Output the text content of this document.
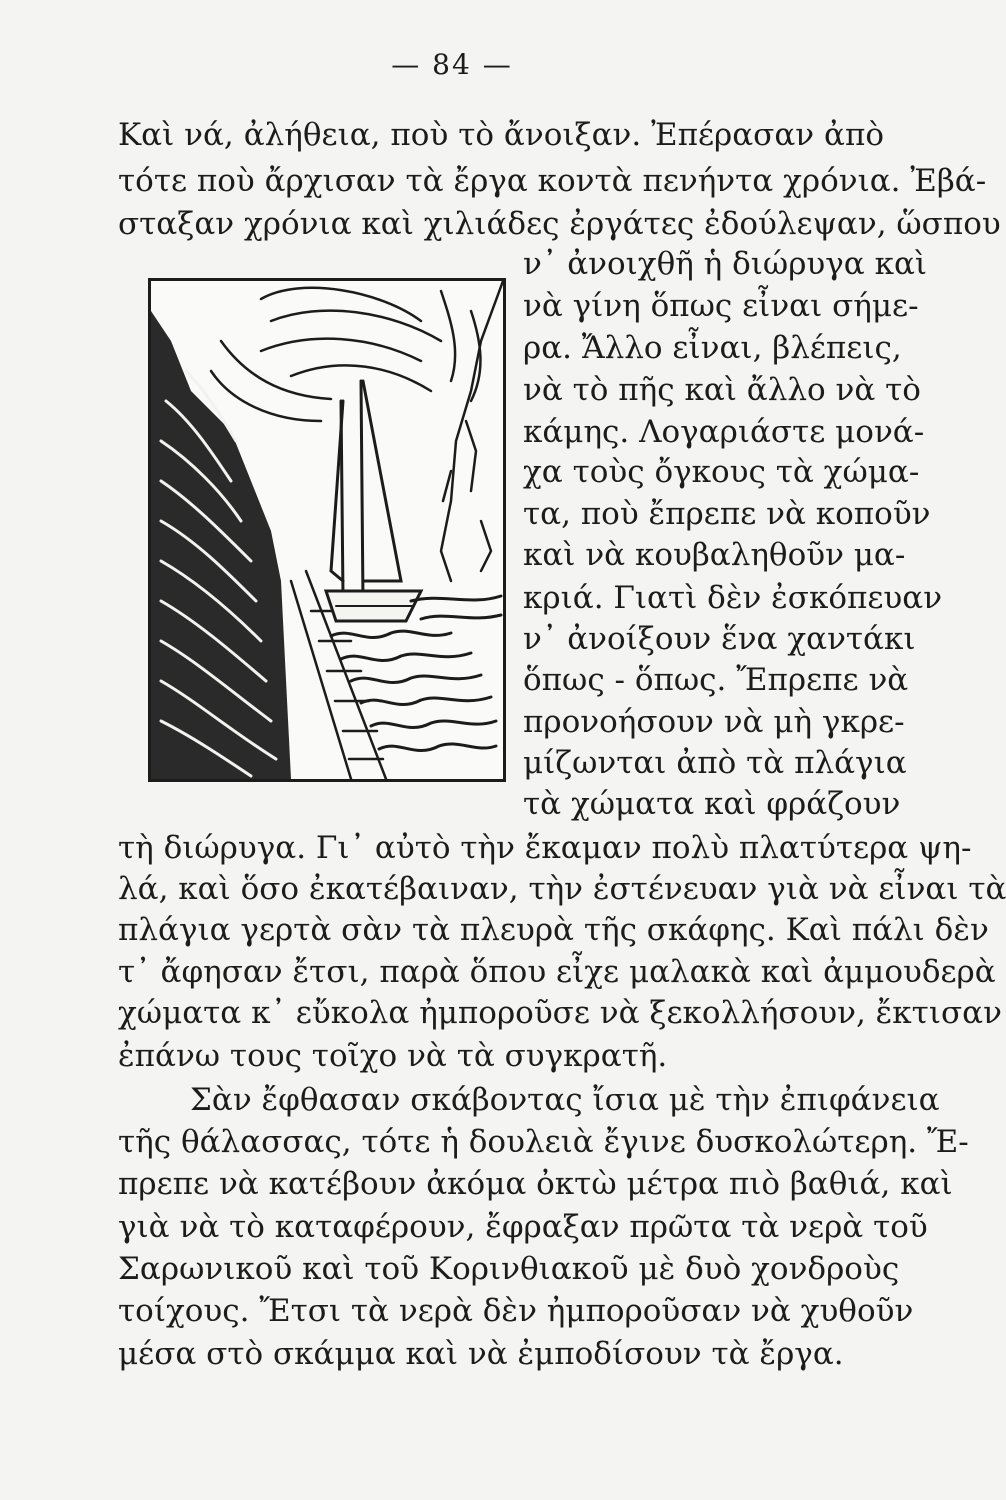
— 84 —

Καὶ νά, ἀλήθεια, ποὺ τὸ ἄνοιξαν. Ἐπέρασαν ἀπὸ

τότε ποὺ ἄρχισαν τὰ ἔργα κοντὰ πενήντα χρόνια. Ἐβά-

σταξαν χρόνια καὶ χιλιάδες ἐργάτες ἐδούλεψαν, ὥσπου

ν᾽ ἀνοιχθῆ ἡ διώρυγα καὶ

νὰ γίνη ὅπως εἶναι σήμε-

ρα. Ἄλλο εἶναι, βλέπεις,

νὰ τὸ πῆς καὶ ἄλλο νὰ τὸ

κάμης. Λογαριάστε μονά-

χα τοὺς ὄγκους τὰ χώμα-

τα, ποὺ ἔπρεπε νὰ κοποῦν

καὶ νὰ κουβαληθοῦν μα-

κριά. Γιατὶ δὲν ἐσκόπευαν

ν᾽ ἀνοίξουν ἕνα χαντάκι

ὅπως - ὅπως. Ἔπρεπε νὰ

προνοήσουν νὰ μὴ γκρε-

μίζωνται ἀπὸ τὰ πλάγια

τὰ χώματα καὶ φράζουν

τὴ διώρυγα. Γι᾽ αὐτὸ τὴν ἔκαμαν πολὺ πλατύτερα ψη-

λά, καὶ ὅσο ἐκατέβαιναν, τὴν ἐστένευαν γιὰ νὰ εἶναι τὰ

πλάγια γερτὰ σὰν τὰ πλευρὰ τῆς σκάφης. Καὶ πάλι δὲν

τ᾽ ἄφησαν ἔτσι, παρὰ ὅπου εἶχε μαλακὰ καὶ ἀμμουδερὰ

χώματα κ᾽ εὔκολα ἠμποροῦσε νὰ ξεκολλήσουν, ἔκτισαν

ἐπάνω τους τοῖχο νὰ τὰ συγκρατῆ.

Σὰν ἔφθασαν σκάβοντας ἴσια μὲ τὴν ἐπιφάνεια

τῆς θάλασσας, τότε ἡ δουλειὰ ἔγινε δυσκολώτερη. Ἔ-

πρεπε νὰ κατέβουν ἀκόμα ὀκτὼ μέτρα πιὸ βαθιά, καὶ

γιὰ νὰ τὸ καταφέρουν, ἔφραξαν πρῶτα τὰ νερὰ τοῦ

Σαρωνικοῦ καὶ τοῦ Κορινθιακοῦ μὲ δυὸ χονδροὺς

τοίχους. Ἔτσι τὰ νερὰ δὲν ἠμποροῦσαν νὰ χυθοῦν

μέσα στὸ σκάμμα καὶ νὰ ἐμποδίσουν τὰ ἔργα.
